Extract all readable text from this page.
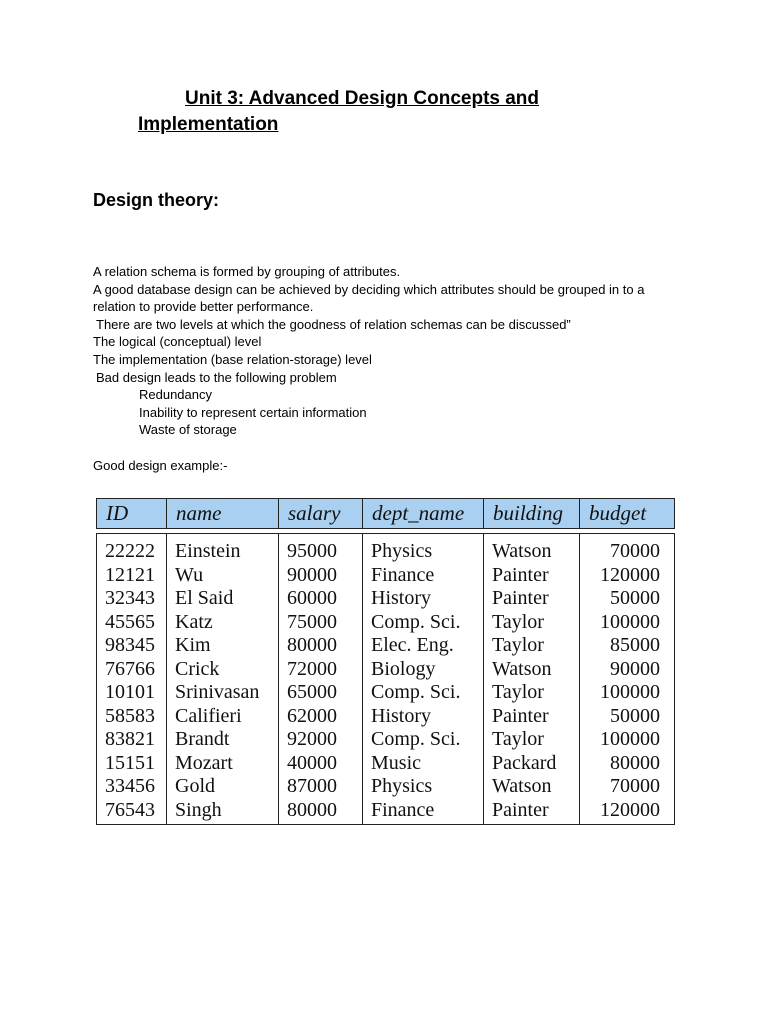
Unit 3: Advanced Design Concepts and
Implementation
Design theory:

A relation schema is formed by grouping of attributes.

A good database design can be achieved by deciding which attributes should be grouped in to a relation to provide better performance.

There are two levels at which the goodness of relation schemas can be discussed”

The logical (conceptual) level

The implementation (base relation-storage) level

Bad design leads to the following problem

Redundancy

Inability to represent certain information

Waste of storage

Good design example:-

ID	name	salary	dept_name	building	budget
22222	Einstein	95000	Physics	Watson	70000
12121	Wu	90000	Finance	Painter	120000
32343	El Said	60000	History	Painter	50000
45565	Katz	75000	Comp. Sci.	Taylor	100000
98345	Kim	80000	Elec. Eng.	Taylor	85000
76766	Crick	72000	Biology	Watson	90000
10101	Srinivasan	65000	Comp. Sci.	Taylor	100000
58583	Califieri	62000	History	Painter	50000
83821	Brandt	92000	Comp. Sci.	Taylor	100000
15151	Mozart	40000	Music	Packard	80000
33456	Gold	87000	Physics	Watson	70000
76543	Singh	80000	Finance	Painter	120000
